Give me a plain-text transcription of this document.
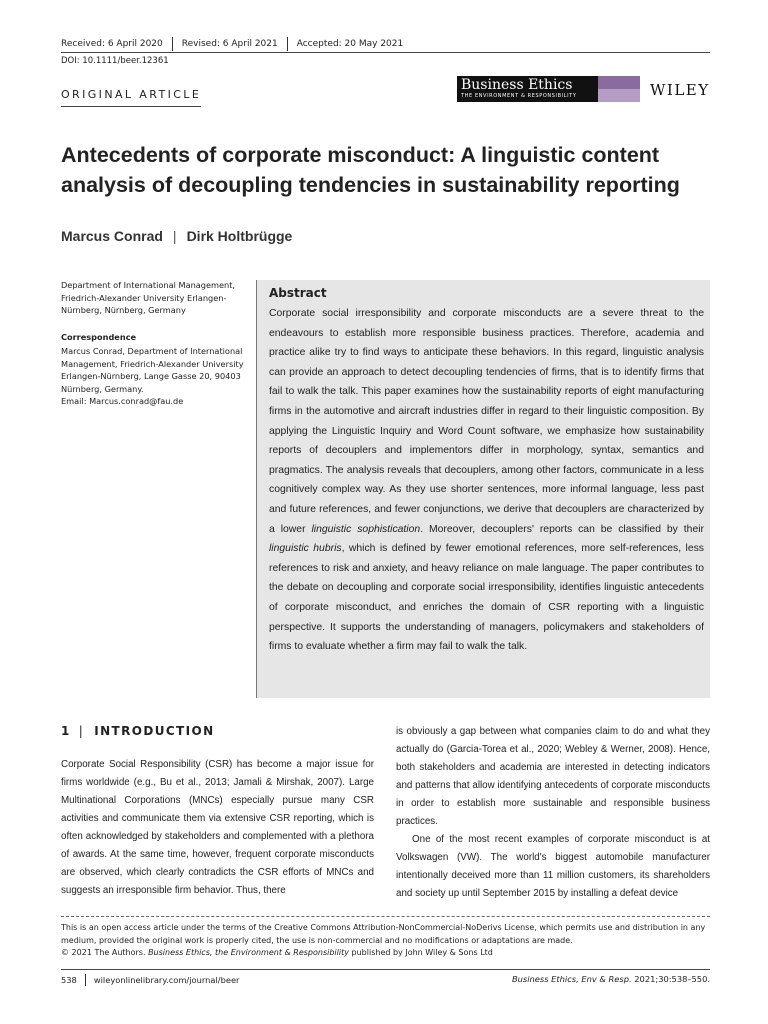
Received: 6 April 2020 Revised: 6 April 2021 Accepted: 20 May 2021
DOI: 10.1111/beer.12361
ORIGINAL ARTICLE
Business Ethics
THE ENVIRONMENT & RESPONSIBILITY	WILEY
Antecedents of corporate misconduct: A linguistic content analysis of decoupling tendencies in sustainability reporting
Marcus Conrad | Dirk Holtbrügge
Department of International Management, Friedrich-Alexander University Erlangen-Nürnberg, Nürnberg, Germany
Correspondence
Marcus Conrad, Department of International Management, Friedrich-Alexander University Erlangen-Nürnberg, Lange Gasse 20, 90403 Nürnberg, Germany.
Email: Marcus.conrad@fau.de
Abstract
Corporate social irresponsibility and corporate misconducts are a severe threat to the endeavours to establish more responsible business practices. Therefore, academia and practice alike try to find ways to anticipate these behaviors. In this regard, linguistic analysis can provide an approach to detect decoupling tendencies of firms, that is to identify firms that fail to walk the talk. This paper examines how the sustainability reports of eight manufacturing firms in the automotive and aircraft industries differ in regard to their linguistic composition. By applying the Linguistic Inquiry and Word Count software, we emphasize how sustainability reports of decouplers and implementors differ in morphology, syntax, semantics and pragmatics. The analysis reveals that decouplers, among other factors, communicate in a less cognitively complex way. As they use shorter sentences, more informal language, less past and future references, and fewer conjunctions, we derive that decouplers are characterized by a lower linguistic sophistication. Moreover, decouplers' reports can be classified by their linguistic hubris, which is defined by fewer emotional references, more self-references, less references to risk and anxiety, and heavy reliance on male language. The paper contributes to the debate on decoupling and corporate social irresponsibility, identifies linguistic antecedents of corporate misconduct, and enriches the domain of CSR reporting with a linguistic perspective. It supports the understanding of managers, policymakers and stakeholders of firms to evaluate whether a firm may fail to walk the talk.
1 | INTRODUCTION
Corporate Social Responsibility (CSR) has become a major issue for firms worldwide (e.g., Bu et al., 2013; Jamali & Mirshak, 2007). Large Multinational Corporations (MNCs) especially pursue many CSR activities and communicate them via extensive CSR reporting, which is often acknowledged by stakeholders and complemented with a plethora of awards. At the same time, however, frequent corporate misconducts are observed, which clearly contradicts the CSR efforts of MNCs and suggests an irresponsible firm behavior. Thus, there
is obviously a gap between what companies claim to do and what they actually do (Garcia-Torea et al., 2020; Webley & Werner, 2008). Hence, both stakeholders and academia are interested in detecting indicators and patterns that allow identifying antecedents of corporate misconducts in order to establish more sustainable and responsible business practices.
One of the most recent examples of corporate misconduct is at Volkswagen (VW). The world's biggest automobile manufacturer intentionally deceived more than 11 million customers, its shareholders and society up until September 2015 by installing a defeat device
This is an open access article under the terms of the Creative Commons Attribution-NonCommercial-NoDerivs License, which permits use and distribution in any medium, provided the original work is properly cited, the use is non-commercial and no modifications or adaptations are made.
© 2021 The Authors. Business Ethics, the Environment & Responsibility published by John Wiley & Sons Ltd
538 wileyonlinelibrary.com/journal/beer	Business Ethics, Env & Resp. 2021;30:538–550.
